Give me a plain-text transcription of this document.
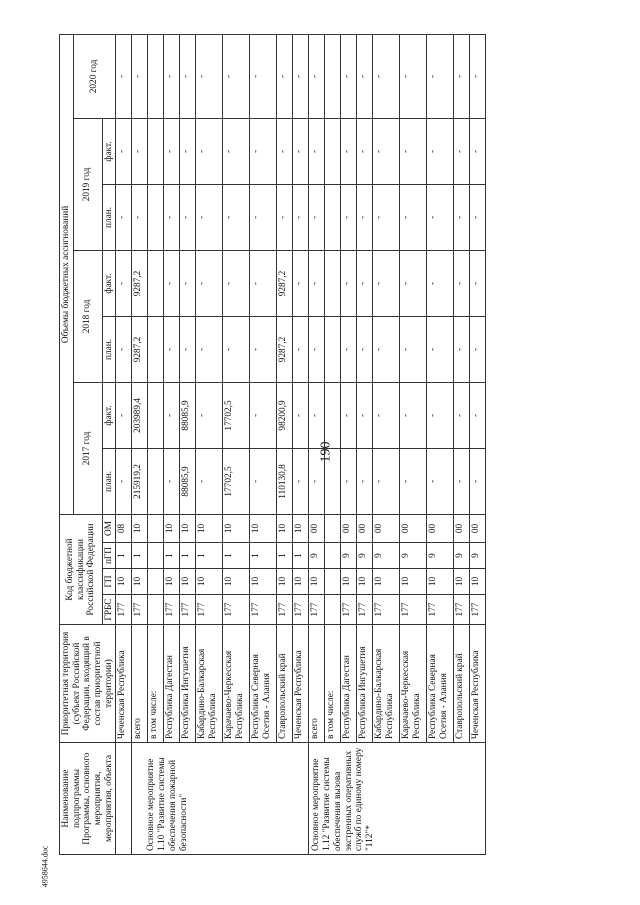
190
4958644.doc
Наименование подпрограммы Программы, основного мероприятия, мероприятия, объекта	Приоритетная территория (субъект Российской Федерации, входящий в состав приоритетной территории)	Код бюджетной классификации Российской Федерации				Объемы бюджетных ассигнований						
						2017 год		2018 год		2019 год		2020 год
		ГРБС	ГП	пГП	ОМ	план.	факт.	план.	факт.	план.	факт.	
	Чеченская Республика	177	10	1	08	-	-	-	-	-	-	-
Основное мероприятие 1.10 "Развитие системы обеспечения пожарной безопасности"	всего	177	10	1	10	215919,2	203989,4	9287,2	9287,2	-	-	-
	в том числе:											
	Республика Дагестан	177	10	1	10	-	-	-	-	-	-	-
	Республика Ингушетия	177	10	1	10	88085,9	88085,9	-	-	-	-	-
	Кабардино-Балкарская Республика	177	10	1	10	-	-	-	-	-	-	-
	Карачаево-Черкесская Республика	177	10	1	10	17702,5	17702,5	-	-	-	-	-
	Республика Северная Осетия - Алания	177	10	1	10	-	-	-	-	-	-	-
	Ставропольский край	177	10	1	10	110130,8	98200,9	9287,2	9287,2	-	-	-
	Чеченская Республика	177	10	1	10	-	-	-	-	-	-	-
Основное мероприятие 1.12 "Развитие системы обеспечения вызова экстренных оперативных служб по единому номеру "112"*	всего	177	10	9	00	-	-	-	-	-	-	-
	в том числе:											
	Республика Дагестан	177	10	9	00	-	-	-	-	-	-	-
	Республика Ингушетия	177	10	9	00	-	-	-	-	-	-	-
	Кабардино-Балкарская Республика	177	10	9	00	-	-	-	-	-	-	-
	Карачаево-Черкесская Республика	177	10	9	00	-	-	-	-	-	-	-
	Республика Северная Осетия - Алания	177	10	9	00	-	-	-	-	-	-	-
	Ставропольский край	177	10	9	00	-	-	-	-	-	-	-
	Чеченская Республика	177	10	9	00	-	-	-	-	-	-	-
